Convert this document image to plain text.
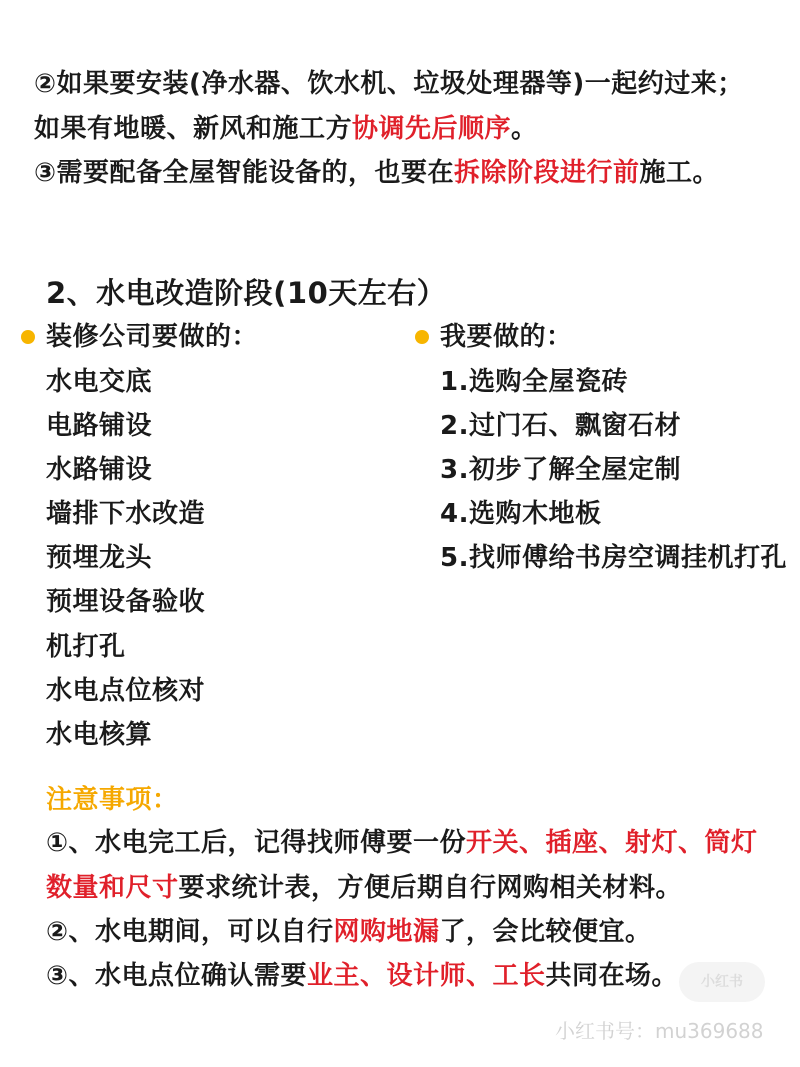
②如果要安装(净水器、饮水机、垃圾处理器等)一起约过来；
如果有地暖、新风和施工方协调先后顺序。
③需要配备全屋智能设备的，也要在拆除阶段进行前施工。
2、水电改造阶段(10天左右）
装修公司要做的：
水电交底
电路铺设
水路铺设
墙排下水改造
预埋龙头
预埋设备验收
机打孔
水电点位核对
水电核算
我要做的：
1.选购全屋瓷砖
2.过门石、飘窗石材
3.初步了解全屋定制
4.选购木地板
5.找师傅给书房空调挂机打孔
注意事项：
①、水电完工后，记得找师傅要一份开关、插座、射灯、筒灯
数量和尺寸要求统计表，方便后期自行网购相关材料。
②、水电期间，可以自行网购地漏了，会比较便宜。
③、水电点位确认需要业主、设计师、工长共同在场。	小红书
小红书号：mu369688
